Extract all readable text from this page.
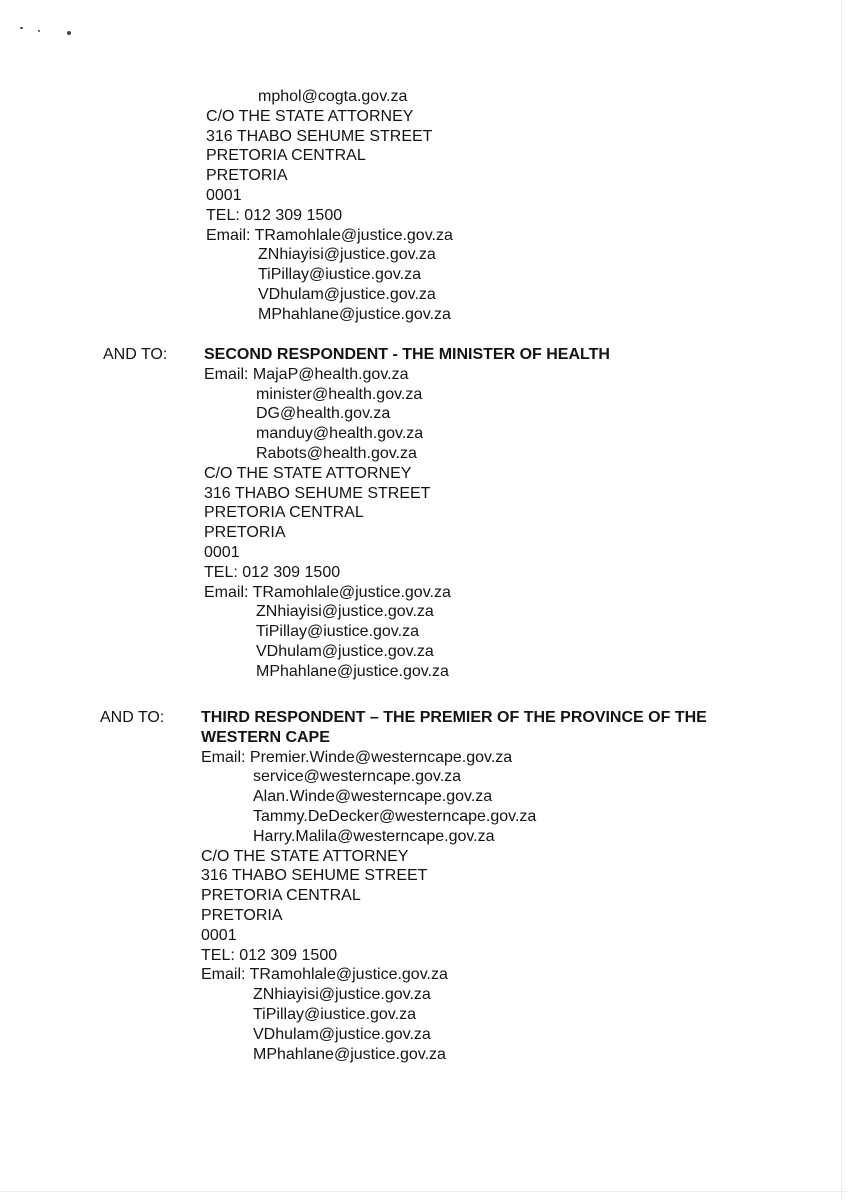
mphol@cogta.gov.za
C/O THE STATE ATTORNEY
316 THABO SEHUME STREET
PRETORIA CENTRAL
PRETORIA
0001
TEL: 012 309 1500
Email: TRamohlale@justice.gov.za
ZNhiayisi@justice.gov.za
TiPillay@iustice.gov.za
VDhulam@justice.gov.za
MPhahlane@justice.gov.za
AND TO: SECOND RESPONDENT - THE MINISTER OF HEALTH
Email: MajaP@health.gov.za
minister@health.gov.za
DG@health.gov.za
manduy@health.gov.za
Rabots@health.gov.za
C/O THE STATE ATTORNEY
316 THABO SEHUME STREET
PRETORIA CENTRAL
PRETORIA
0001
TEL: 012 309 1500
Email: TRamohlale@justice.gov.za
ZNhiayisi@justice.gov.za
TiPillay@iustice.gov.za
VDhulam@justice.gov.za
MPhahlane@justice.gov.za
AND TO: THIRD RESPONDENT – THE PREMIER OF THE PROVINCE OF THE
WESTERN CAPE
Email: Premier.Winde@westerncape.gov.za
service@westerncape.gov.za
Alan.Winde@westerncape.gov.za
Tammy.DeDecker@westerncape.gov.za
Harry.Malila@westerncape.gov.za
C/O THE STATE ATTORNEY
316 THABO SEHUME STREET
PRETORIA CENTRAL
PRETORIA
0001
TEL: 012 309 1500
Email: TRamohlale@justice.gov.za
ZNhiayisi@justice.gov.za
TiPillay@iustice.gov.za
VDhulam@justice.gov.za
MPhahlane@justice.gov.za
